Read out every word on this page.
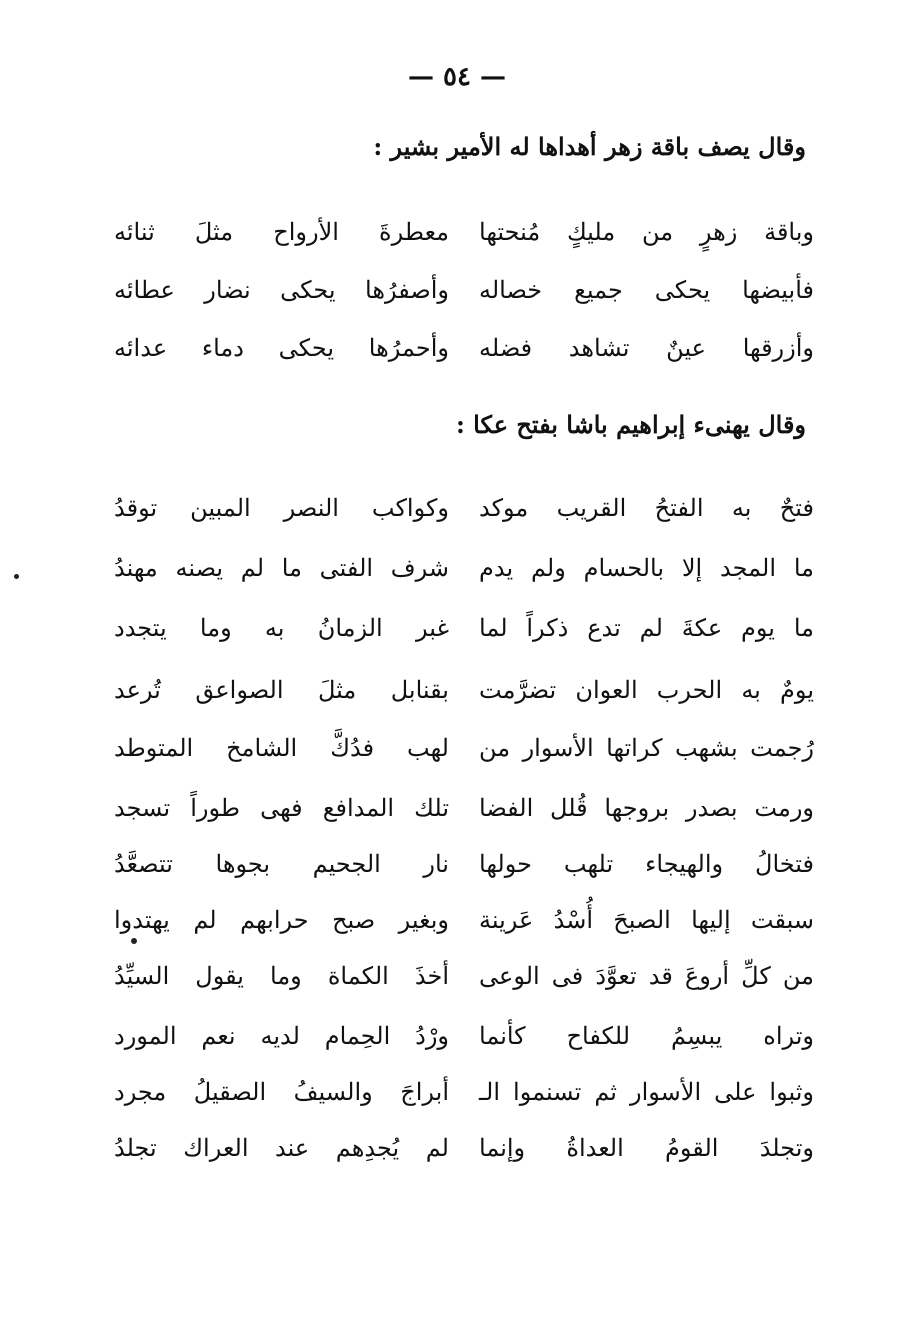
— ٥٤ —
وقال يصف باقة زهر أهداها له الأمير بشير :
وباقة زهرٍ من مليكٍ مُنحتها
معطرةَ الأرواح مثلَ ثنائه
فأبيضها يحكى جميع خصاله
وأصفرُها يحكى نضار عطائه
وأزرقها عينٌ تشاهد فضله
وأحمرُها يحكى دماء عدائه
وقال يهنىء إبراهيم باشا بفتح عكا :
فتحٌ به الفتحُ القريب موكد
وكواكب النصر المبين توقدُ
ما المجد إلا بالحسام ولم يدم
شرف الفتى ما لم يصنه مهندُ
ما يوم عكةَ لم تدع ذكراً لما
غبر الزمانُ به وما يتجدد
يومٌ به الحرب العوان تضرَّمت
بقنابل مثلَ الصواعق تُرعد
رُجمت بشهب كراتها الأسوار من
لهب فدُكَّ الشامخ المتوطد
ورمت بصدر بروجها قُلل الفضا
تلك المدافع فهى طوراً تسجد
فتخالُ والهيجاء تلهب حولها
نار الجحيم بجوها تتصعَّدُ
سبقت إليها الصبحَ أُسْدُ عَرينة
وبغير صبح حرابهم لم يهتدوا
من كلِّ أروعَ قد تعوَّدَ فى الوعى
أخذَ الكماة وما يقول السيِّدُ
وتراه يبسِمُ للكفاح كأنما
ورْدُ الحِمام لديه نعم المورد
وثبوا على الأسوار ثم تسنموا الـ
أبراجَ والسيفُ الصقيلُ مجرد
وتجلدَ القومُ العداةُ وإنما
لم يُجدِهم عند العراك تجلدُ
